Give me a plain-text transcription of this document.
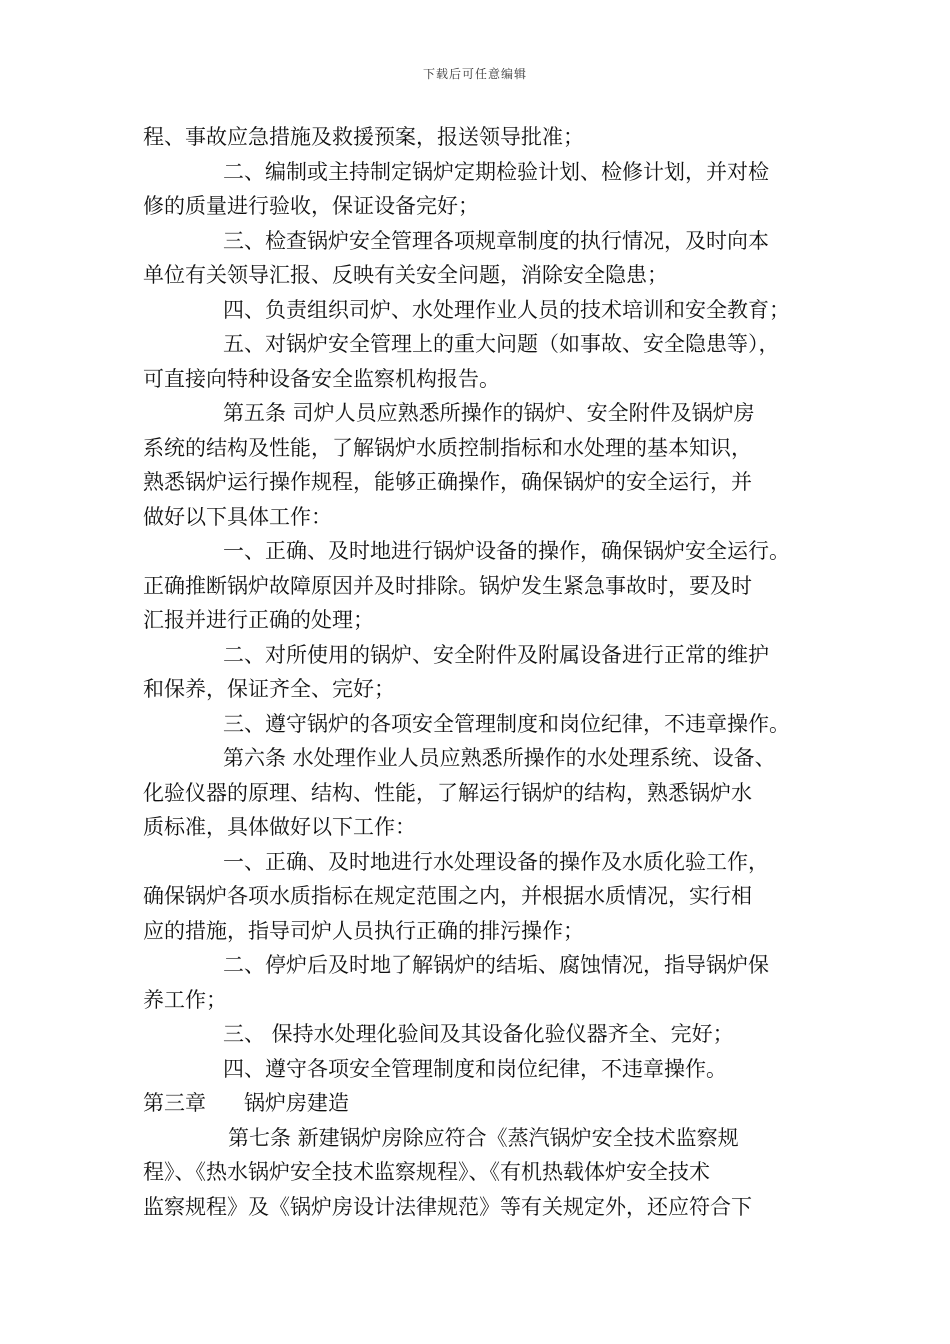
下载后可任意编辑
程、事故应急措施及救援预案，报送领导批准；
二、编制或主持制定锅炉定期检验计划、检修计划，并对检
修的质量进行验收，保证设备完好；
三、检查锅炉安全管理各项规章制度的执行情况，及时向本
单位有关领导汇报、反映有关安全问题，消除安全隐患；
四、负责组织司炉、水处理作业人员的技术培训和安全教育；
五、对锅炉安全管理上的重大问题（如事故、安全隐患等），
可直接向特种设备安全监察机构报告。
第五条 司炉人员应熟悉所操作的锅炉、安全附件及锅炉房
系统的结构及性能，了解锅炉水质控制指标和水处理的基本知识，
熟悉锅炉运行操作规程，能够正确操作，确保锅炉的安全运行，并
做好以下具体工作：
一、正确、及时地进行锅炉设备的操作，确保锅炉安全运行。
正确推断锅炉故障原因并及时排除。锅炉发生紧急事故时，要及时
汇报并进行正确的处理；
二、对所使用的锅炉、安全附件及附属设备进行正常的维护
和保养，保证齐全、完好；
三、遵守锅炉的各项安全管理制度和岗位纪律，不违章操作。
第六条 水处理作业人员应熟悉所操作的水处理系统、设备、
化验仪器的原理、结构、性能，了解运行锅炉的结构，熟悉锅炉水
质标准，具体做好以下工作：
一、正确、及时地进行水处理设备的操作及水质化验工作，
确保锅炉各项水质指标在规定范围之内，并根据水质情况，实行相
应的措施，指导司炉人员执行正确的排污操作；
二、停炉后及时地了解锅炉的结垢、腐蚀情况，指导锅炉保
养工作；
三、 保持水处理化验间及其设备化验仪器齐全、完好；
四、遵守各项安全管理制度和岗位纪律，不违章操作。
第三章 锅炉房建造
第七条 新建锅炉房除应符合《蒸汽锅炉安全技术监察规
程》、《热水锅炉安全技术监察规程》、《有机热载体炉安全技术
监察规程》及《锅炉房设计法律规范》等有关规定外，还应符合下
